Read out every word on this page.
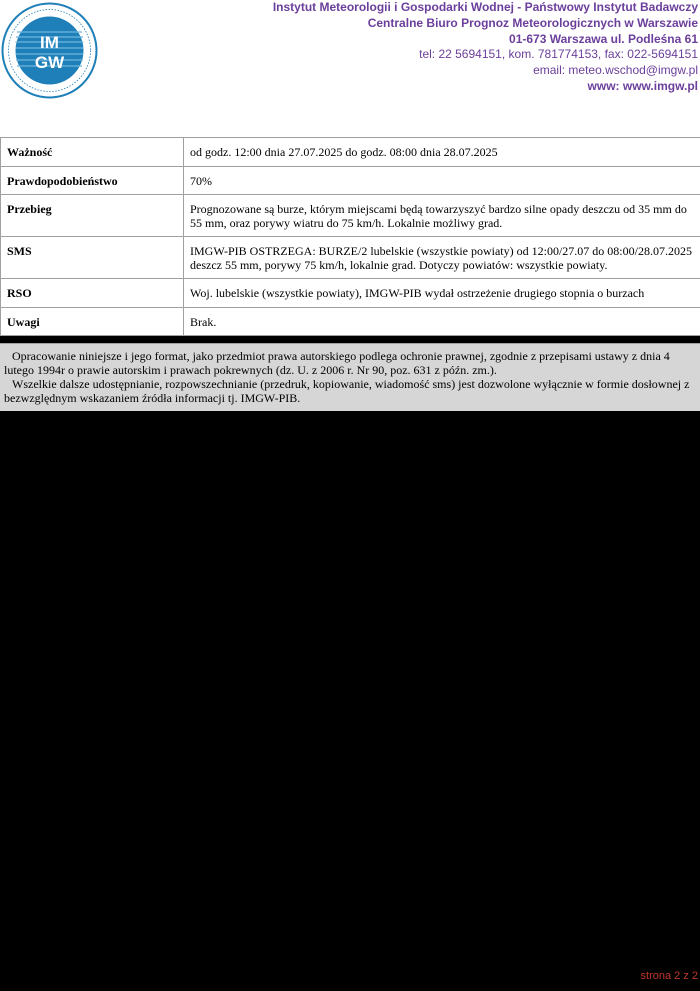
IM
GW
Instytut Meteorologii i Gospodarki Wodnej - Państwowy Instytut Badawczy
Centralne Biuro Prognoz Meteorologicznych w Warszawie
01-673 Warszawa ul. Podleśna 61
tel: 22 5694151, kom. 781774153, fax: 022-5694151
email: meteo.wschod@imgw.pl
www: www.imgw.pl
Ważność	od godz. 12:00 dnia 27.07.2025 do godz. 08:00 dnia 28.07.2025
Prawdopodobieństwo	70%
Przebieg	Prognozowane są burze, którym miejscami będą towarzyszyć bardzo silne opady deszczu od 35 mm do 55 mm, oraz porywy wiatru do 75 km/h. Lokalnie możliwy grad.
SMS	IMGW-PIB OSTRZEGA: BURZE/2 lubelskie (wszystkie powiaty) od 12:00/27.07 do 08:00/28.07.2025 deszcz 55 mm, porywy 75 km/h, lokalnie grad. Dotyczy powiatów: wszystkie powiaty.
RSO	Woj. lubelskie (wszystkie powiaty), IMGW-PIB wydał ostrzeżenie drugiego stopnia o burzach
Uwagi	Brak.

Opracowanie niniejsze i jego format, jako przedmiot prawa autorskiego podlega ochronie prawnej, zgodnie z przepisami ustawy z dnia 4 lutego 1994r o prawie autorskim i prawach pokrewnych (dz. U. z 2006 r. Nr 90, poz. 631 z późn. zm.).

Wszelkie dalsze udostępnianie, rozpowszechnianie (przedruk, kopiowanie, wiadomość sms) jest dozwolone wyłącznie w formie dosłownej z bezwzględnym wskazaniem źródła informacji tj. IMGW-PIB.

strona 2 z 2
